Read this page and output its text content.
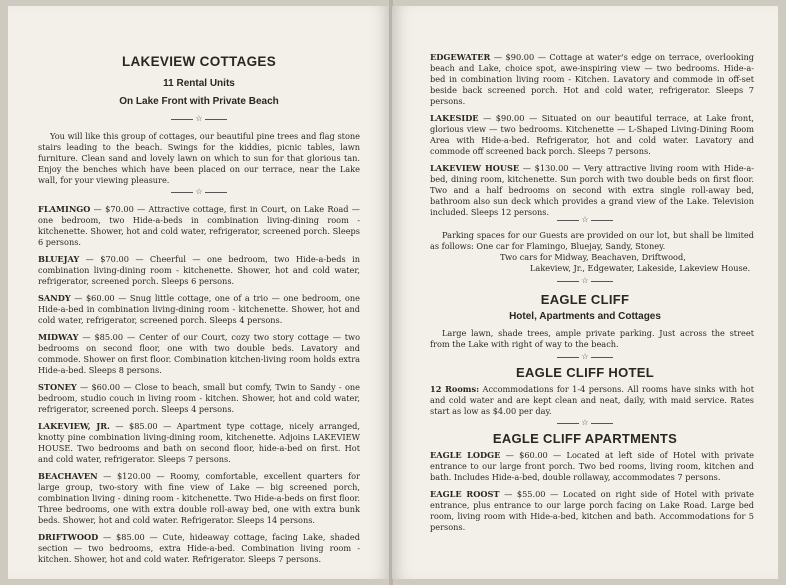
LAKEVIEW COTTAGES
11 Rental Units
On Lake Front with Private Beach
☆
You will like this group of cottages, our beautiful pine trees and flag stone stairs leading to the beach. Swings for the kiddies, picnic tables, lawn furniture. Clean sand and lovely lawn on which to sun for that glorious tan. Enjoy the benches which have been placed on our terrace, near the Lake wall, for your viewing pleasure.
☆
FLAMINGO — $70.00 — Attractive cottage, first in Court, on Lake Road — one bedroom, two Hide-a-beds in combination living-dining room - kitchenette. Shower, hot and cold water, refrigerator, screened porch. Sleeps 6 persons.
BLUEJAY — $70.00 — Cheerful — one bedroom, two Hide-a-beds in combination living-dining room - kitchenette. Shower, hot and cold water, refrigerator, screened porch. Sleeps 6 persons.
SANDY — $60.00 — Snug little cottage, one of a trio — one bedroom, one Hide-a-bed in combination living-dining room - kitchenette. Shower, hot and cold water, refrigerator, screened porch. Sleeps 4 persons.
MIDWAY — $85.00 — Center of our Court, cozy two story cottage — two bedrooms on second floor, one with two double beds. Lavatory and commode. Shower on first floor. Combination kitchen-living room holds extra Hide-a-bed. Sleeps 8 persons.
STONEY — $60.00 — Close to beach, small but comfy, Twin to Sandy - one bedroom, studio couch in living room - kitchen. Shower, hot and cold water, refrigerator, screened porch. Sleeps 4 persons.
LAKEVIEW, JR. — $85.00 — Apartment type cottage, nicely arranged, knotty pine combination living-dining room, kitchenette. Adjoins LAKEVIEW HOUSE. Two bedrooms and bath on second floor, hide-a-bed on first. Hot and cold water, refrigerator. Sleeps 7 persons.
BEACHAVEN — $120.00 — Roomy, comfortable, excellent quarters for large group, two-story with fine view of Lake — big screened porch, combination living - dining room - kitchenette. Two Hide-a-beds on first floor. Three bedrooms, one with extra double roll-away bed, one with extra bunk beds. Shower, hot and cold water. Refrigerator. Sleeps 14 persons.
DRIFTWOOD — $85.00 — Cute, hideaway cottage, facing Lake, shaded section — two bedrooms, extra Hide-a-bed. Combination living room - kitchen. Shower, hot and cold water. Refrigerator. Sleeps 7 persons.
EDGEWATER — $90.00 — Cottage at water's edge on terrace, overlooking beach and Lake, choice spot, awe-inspiring view — two bedrooms. Hide-a-bed in combination living room - Kitchen. Lavatory and commode in off-set beside back screened porch. Hot and cold water, refrigerator. Sleeps 7 persons.
LAKESIDE — $90.00 — Situated on our beautiful terrace, at Lake front, glorious view — two bedrooms. Kitchenette — L-Shaped Living-Dining Room Area with Hide-a-bed. Refrigerator, hot and cold water. Lavatory and commode off screened back porch. Sleeps 7 persons.
LAKEVIEW HOUSE — $130.00 — Very attractive living room with Hide-a-bed, dining room, kitchenette. Sun porch with two double beds on first floor. Two and a half bedrooms on second with extra single roll-away bed, bathroom also sun deck which provides a grand view of the Lake. Television included. Sleeps 12 persons.
☆
Parking spaces for our Guests are provided on our lot, but shall be limited as follows: One car for Flamingo, Bluejay, Sandy, Stoney.
Two cars for Midway, Beachaven, Driftwood,
Lakeview, Jr., Edgewater, Lakeside, Lakeview House.
☆
EAGLE CLIFF
Hotel, Apartments and Cottages
Large lawn, shade trees, ample private parking. Just across the street from the Lake with right of way to the beach.
☆
EAGLE CLIFF HOTEL
12 Rooms: Accommodations for 1-4 persons. All rooms have sinks with hot and cold water and are kept clean and neat, daily, with maid service. Rates start as low as $4.00 per day.
☆
EAGLE CLIFF APARTMENTS
EAGLE LODGE — $60.00 — Located at left side of Hotel with private entrance to our large front porch. Two bed rooms, living room, kitchen and bath. Includes Hide-a-bed, double rollaway, accommodates 7 persons.
EAGLE ROOST — $55.00 — Located on right side of Hotel with private entrance, plus entrance to our large porch facing on Lake Road. Large bed room, living room with Hide-a-bed, kitchen and bath. Accommodations for 5 persons.
